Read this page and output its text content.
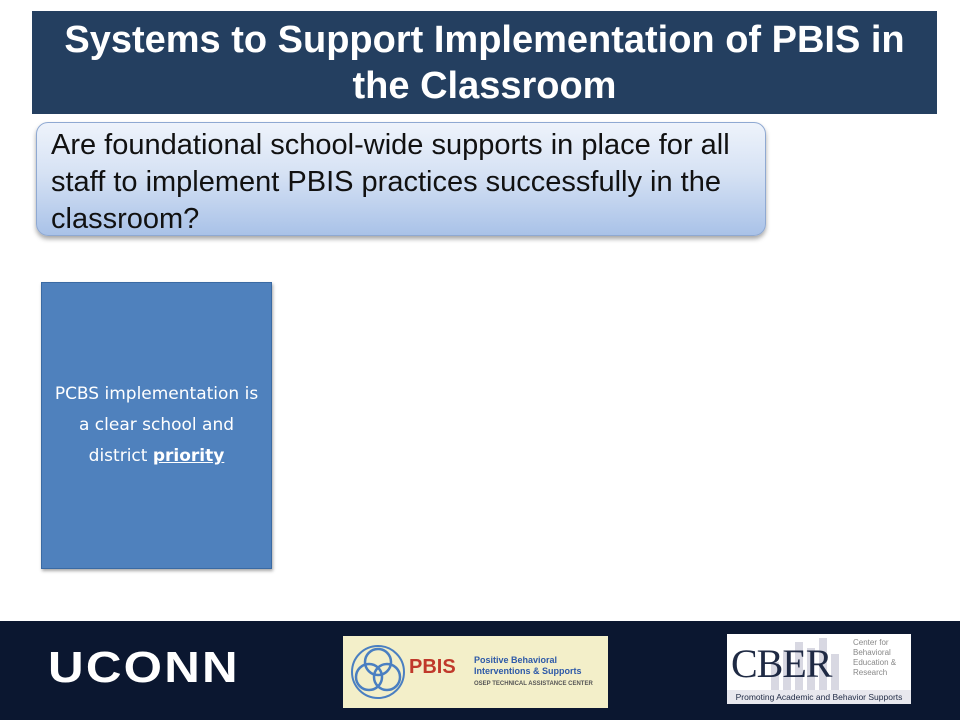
Systems to Support Implementation of PBIS in the Classroom

Are foundational school-wide supports in place for all staff to implement PBIS practices successfully in the classroom?

PCBS implementation is a clear school and district priority
UCONN	PBIS Positive Behavioral
Interventions & Supports
OSEP TECHNICAL ASSISTANCE CENTER	CBER	Center for
Behavioral
Education &
Research
Promoting Academic and Behavior Supports
